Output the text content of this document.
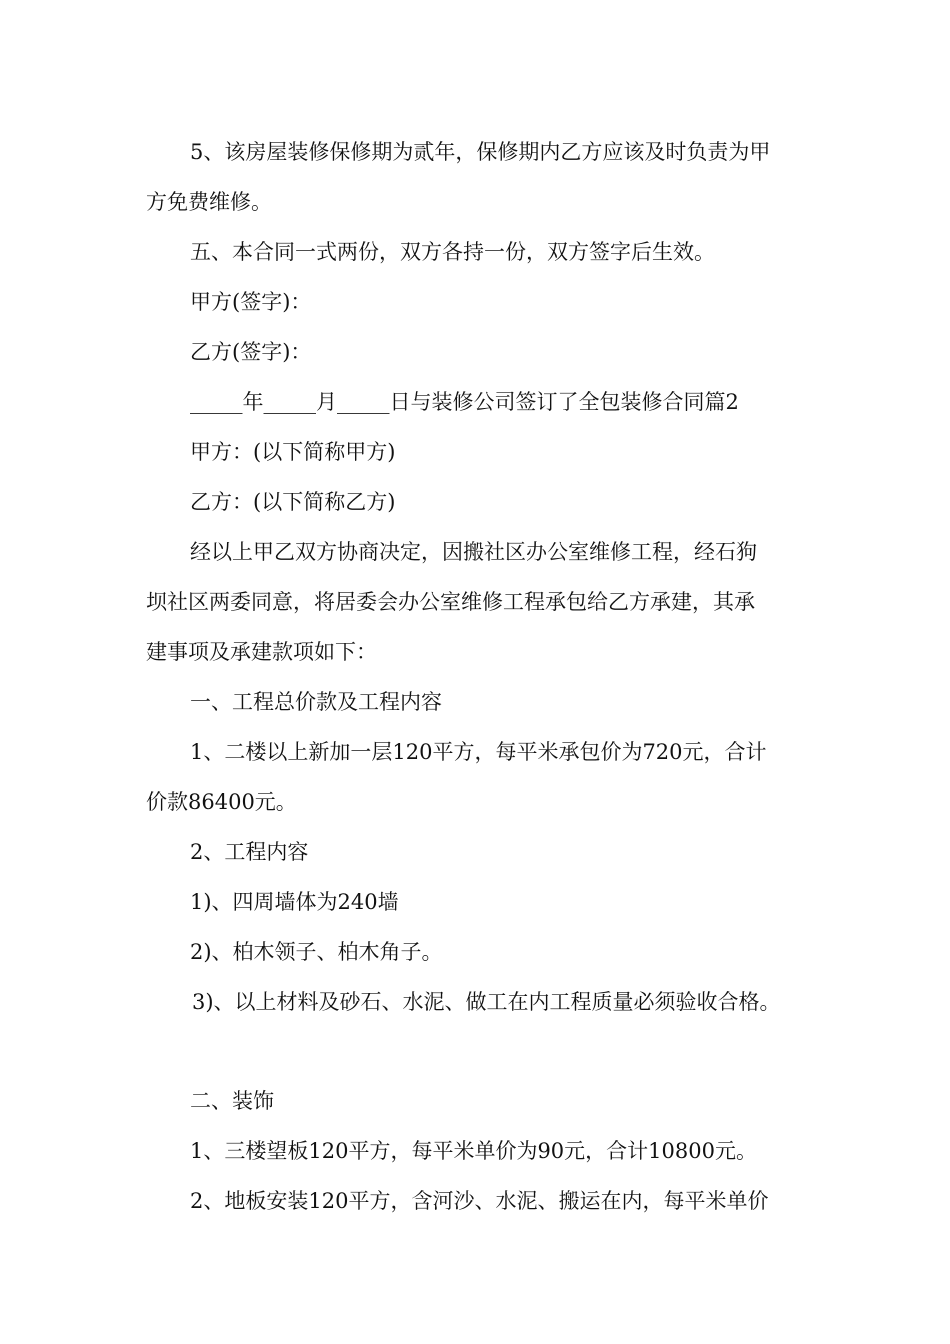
5、该房屋装修保修期为贰年，保修期内乙方应该及时负责为甲
方免费维修。
五、本合同一式两份，双方各持一份，双方签字后生效。
甲方(签字)：
乙方(签字)：
_____年_____月_____日与装修公司签订了全包装修合同篇2
甲方：(以下简称甲方)
乙方：(以下简称乙方)
经以上甲乙双方协商决定，因搬社区办公室维修工程，经石狗
坝社区两委同意，将居委会办公室维修工程承包给乙方承建，其承
建事项及承建款项如下：
一、工程总价款及工程内容
1、二楼以上新加一层120平方，每平米承包价为720元，合计
价款86400元。
2、工程内容
1)、四周墙体为240墙
2)、柏木领子、柏木角子。
3)、以上材料及砂石、水泥、做工在内工程质量必须验收合格。
二、装饰
1、三楼望板120平方，每平米单价为90元，合计10800元。
2、地板安装120平方，含河沙、水泥、搬运在内，每平米单价
